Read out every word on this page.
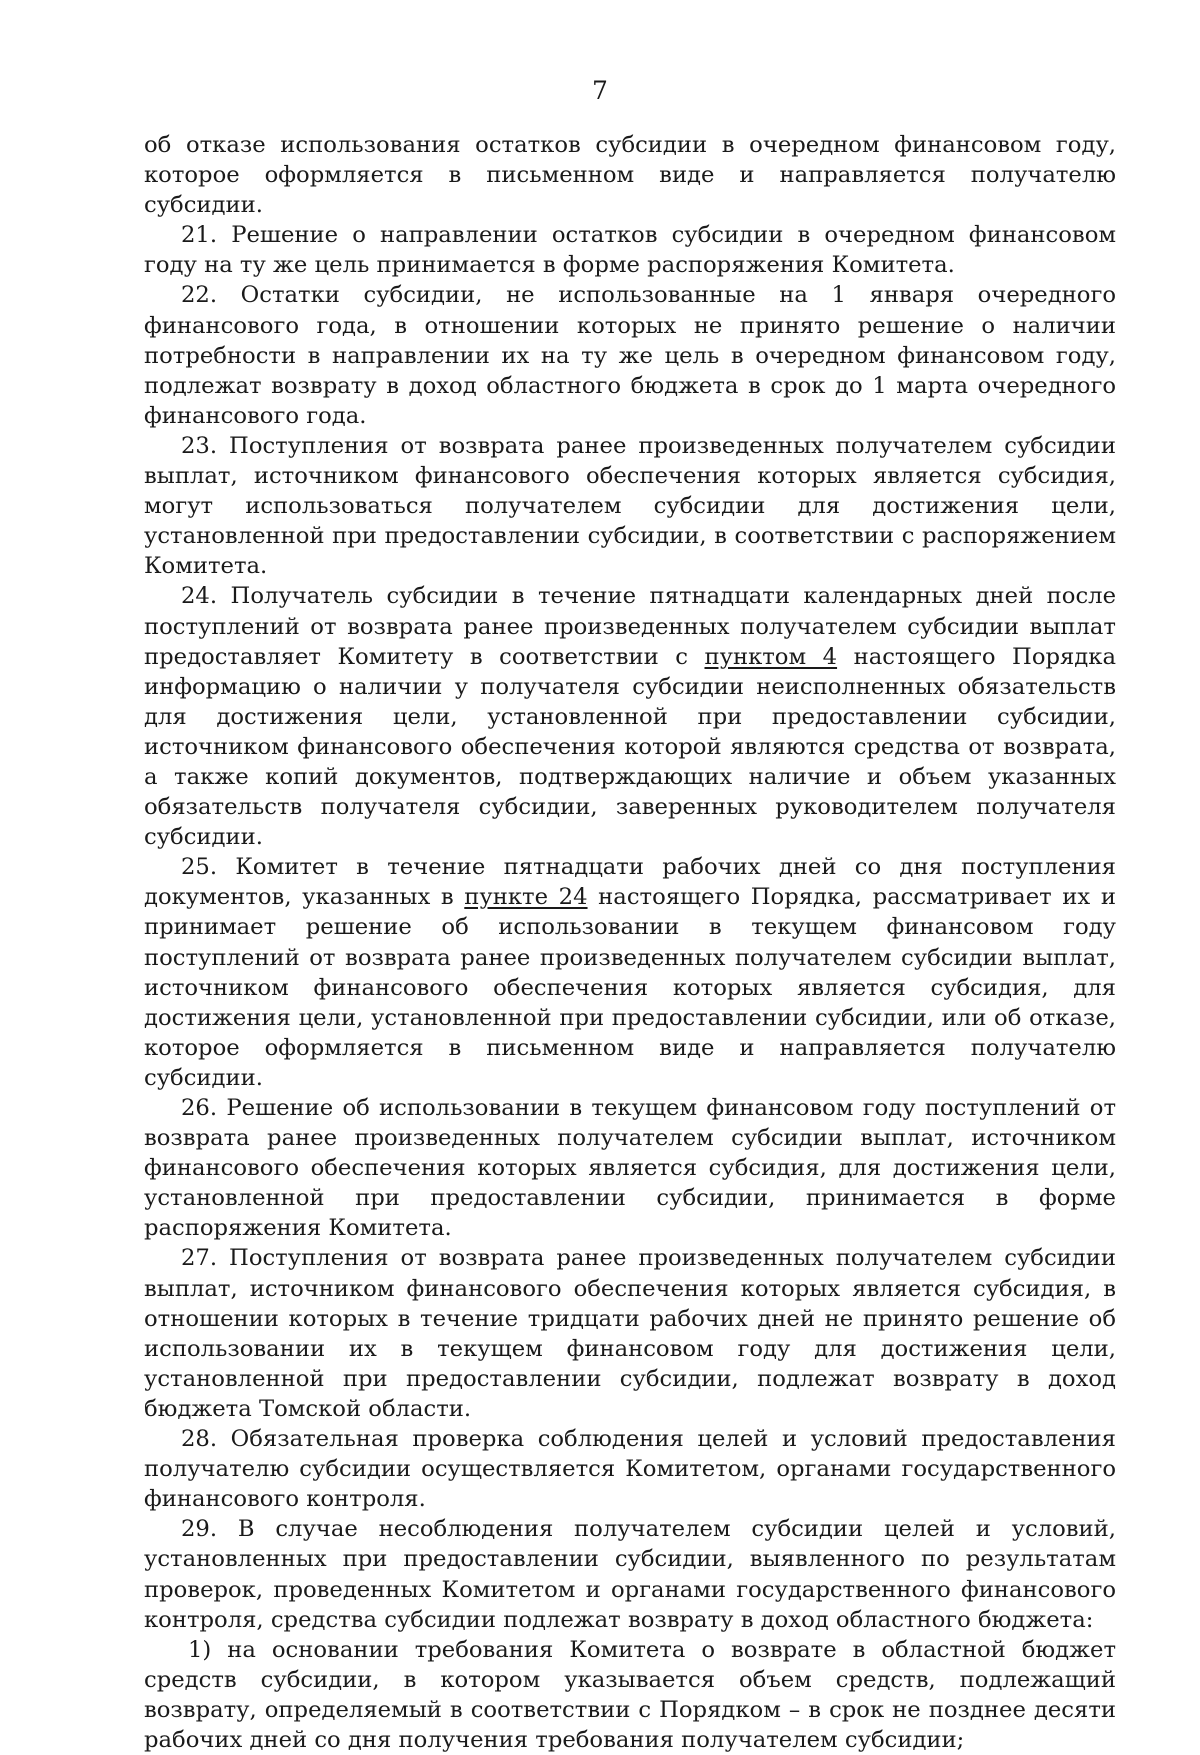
7

об отказе использования остатков субсидии в очередном финансовом году, которое оформляется в письменном виде и направляется получателю субсидии.

21. Решение о направлении остатков субсидии в очередном финансовом году на ту же цель принимается в форме распоряжения Комитета.

22. Остатки субсидии, не использованные на 1 января очередного финансового года, в отношении которых не принято решение о наличии потребности в направлении их на ту же цель в очередном финансовом году, подлежат возврату в доход областного бюджета в срок до 1 марта очередного финансового года.

23. Поступления от возврата ранее произведенных получателем субсидии выплат, источником финансового обеспечения которых является субсидия, могут использоваться получателем субсидии для достижения цели, установленной при предоставлении субсидии, в соответствии с распоряжением Комитета.

24. Получатель субсидии в течение пятнадцати календарных дней после поступлений от возврата ранее произведенных получателем субсидии выплат предоставляет Комитету в соответствии с пунктом 4 настоящего Порядка информацию о наличии у получателя субсидии неисполненных обязательств для достижения цели, установленной при предоставлении субсидии, источником финансового обеспечения которой являются средства от возврата, а также копий документов, подтверждающих наличие и объем указанных обязательств получателя субсидии, заверенных руководителем получателя субсидии.

25. Комитет в течение пятнадцати рабочих дней со дня поступления документов, указанных в пункте 24 настоящего Порядка, рассматривает их и принимает решение об использовании в текущем финансовом году поступлений от возврата ранее произведенных получателем субсидии выплат, источником финансового обеспечения которых является субсидия, для достижения цели, установленной при предоставлении субсидии, или об отказе, которое оформляется в письменном виде и направляется получателю субсидии.

26. Решение об использовании в текущем финансовом году поступлений от возврата ранее произведенных получателем субсидии выплат, источником финансового обеспечения которых является субсидия, для достижения цели, установленной при предоставлении субсидии, принимается в форме распоряжения Комитета.

27. Поступления от возврата ранее произведенных получателем субсидии выплат, источником финансового обеспечения которых является субсидия, в отношении которых в течение тридцати рабочих дней не принято решение об использовании их в текущем финансовом году для достижения цели, установленной при предоставлении субсидии, подлежат возврату в доход бюджета Томской области.

28. Обязательная проверка соблюдения целей и условий предоставления получателю субсидии осуществляется Комитетом, органами государственного финансового контроля.

29. В случае несоблюдения получателем субсидии целей и условий, установленных при предоставлении субсидии, выявленного по результатам проверок, проведенных Комитетом и органами государственного финансового контроля, средства субсидии подлежат возврату в доход областного бюджета:

1) на основании требования Комитета о возврате в областной бюджет средств субсидии, в котором указывается объем средств, подлежащий возврату, определяемый в соответствии с Порядком – в срок не позднее десяти рабочих дней со дня получения требования получателем субсидии;
